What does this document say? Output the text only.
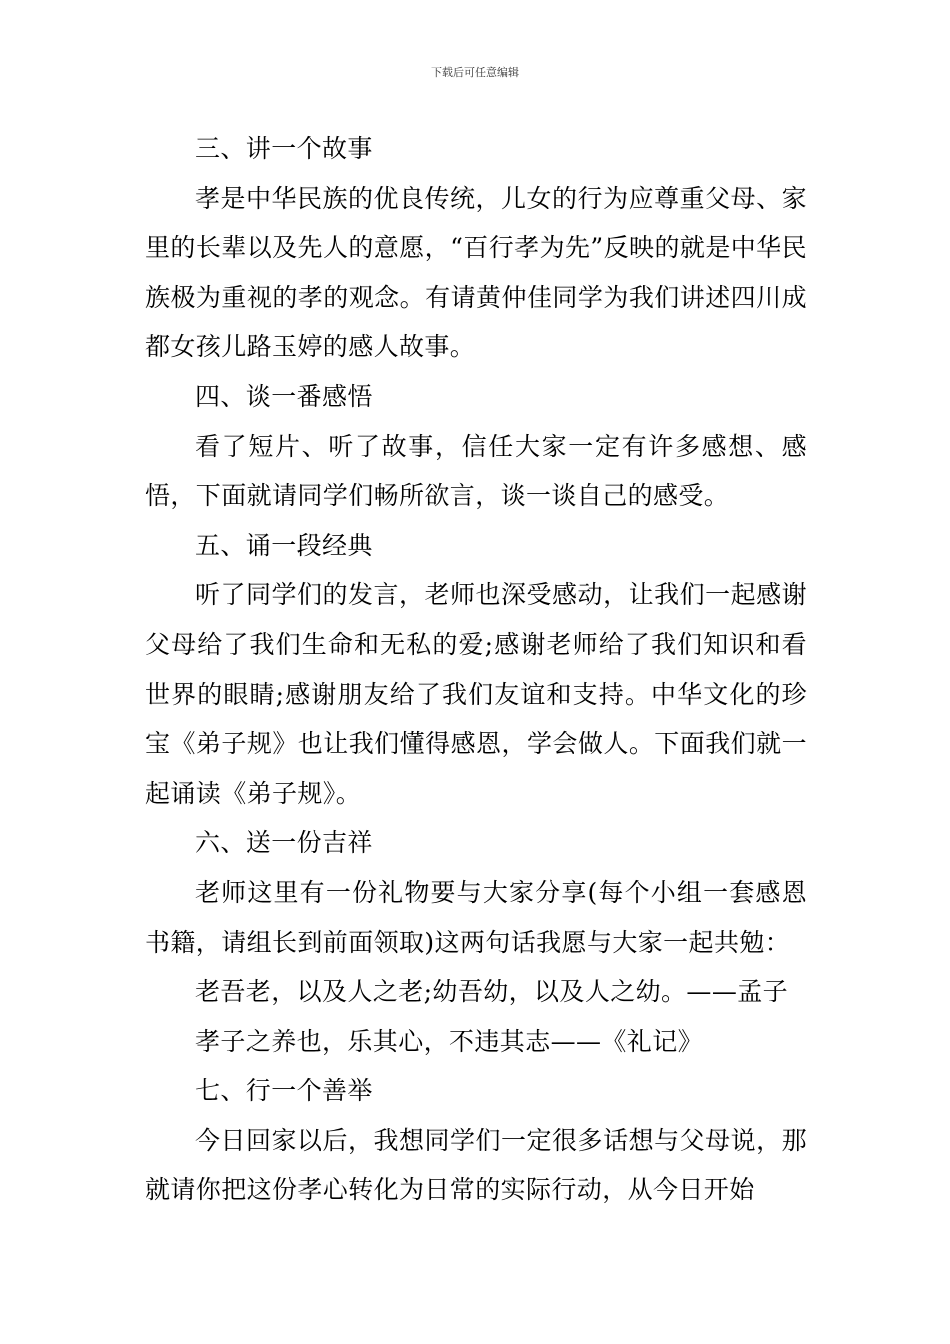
下载后可任意编辑

三、讲一个故事

孝是中华民族的优良传统，儿女的行为应尊重父母、家里的长辈以及先人的意愿，“百行孝为先”反映的就是中华民族极为重视的孝的观念。有请黄仲佳同学为我们讲述四川成都女孩儿路玉婷的感人故事。

四、谈一番感悟

看了短片、听了故事，信任大家一定有许多感想、感悟，下面就请同学们畅所欲言，谈一谈自己的感受。

五、诵一段经典

听了同学们的发言，老师也深受感动，让我们一起感谢父母给了我们生命和无私的爱;感谢老师给了我们知识和看世界的眼睛;感谢朋友给了我们友谊和支持。中华文化的珍宝《弟子规》也让我们懂得感恩，学会做人。下面我们就一起诵读《弟子规》。

六、送一份吉祥

老师这里有一份礼物要与大家分享(每个小组一套感恩书籍，请组长到前面领取)这两句话我愿与大家一起共勉：

老吾老，以及人之老;幼吾幼，以及人之幼。——孟子

孝子之养也，乐其心，不违其志——《礼记》

七、行一个善举

今日回家以后，我想同学们一定很多话想与父母说，那就请你把这份孝心转化为日常的实际行动，从今日开始
